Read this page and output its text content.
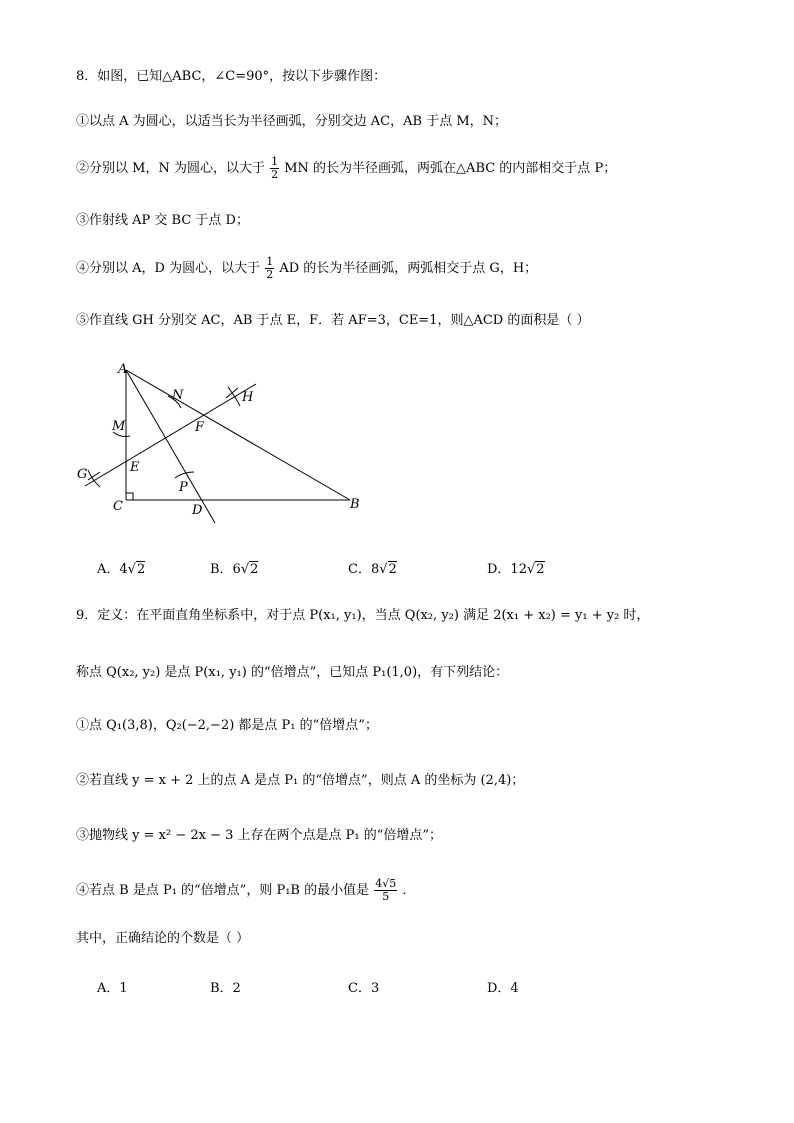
8．如图，已知△ABC，∠C=90°，按以下步骤作图：
①以点 A 为圆心，以适当长为半径画弧，分别交边 AC，AB 于点 M，N；
②分别以 M，N 为圆心，以大于 $\frac{1}{2}$ MN 的长为半径画弧，两弧在△ABC 的内部相交于点 P；
③作射线 AP 交 BC 于点 D；
④分别以 A，D 为圆心，以大于 $\frac{1}{2}$ AD 的长为半径画弧，两弧相交于点 G，H；
⑤作直线 GH 分别交 AC，AB 于点 E，F．若 AF=3，CE=1，则△ACD 的面积是（ ）
A
N	H
M	F
G	E
P
C	D	B
A．4√2	B．6√2	C．8√2	D．12√2
9．定义：在平面直角坐标系中，对于点 P(x₁, y₁)，当点 Q(x₂, y₂) 满足 2(x₁ + x₂) = y₁ + y₂ 时，
称点 Q(x₂, y₂) 是点 P(x₁, y₁) 的“倍增点”，已知点 P₁(1,0)，有下列结论：
①点 Q₁(3,8)，Q₂(−2,−2) 都是点 P₁ 的“倍增点”；
②若直线 y = x + 2 上的点 A 是点 P₁ 的“倍增点”，则点 A 的坐标为 (2,4)；
③抛物线 y = x² − 2x − 3 上存在两个点是点 P₁ 的“倍增点”；
④若点 B 是点 P₁ 的“倍增点”，则 P₁B 的最小值是 $\frac{4√5}{5}$ ．
其中，正确结论的个数是（ ）
A．1	B．2	C．3	D．4
